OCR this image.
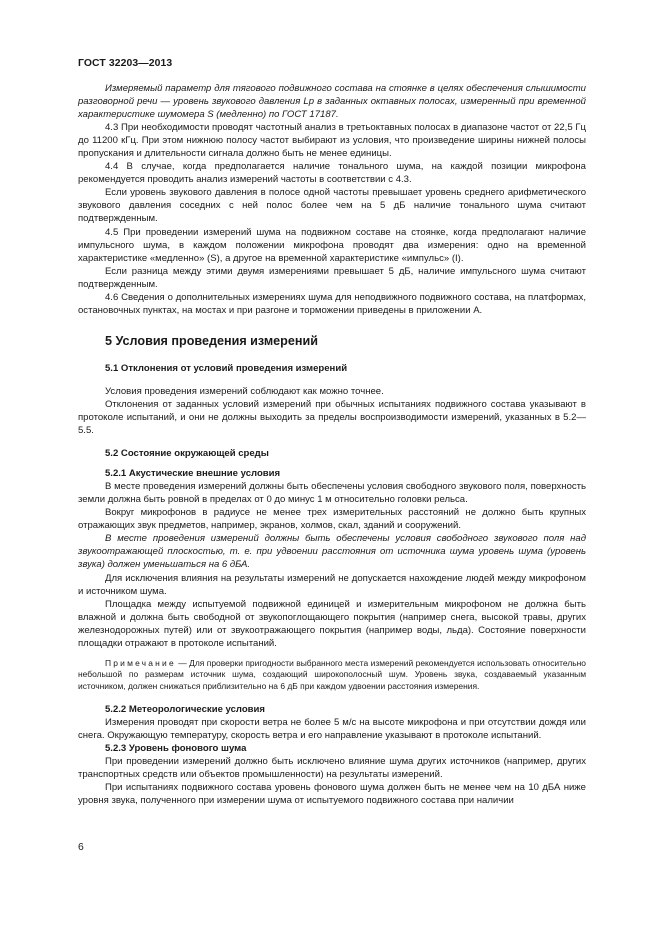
ГОСТ 32203—2013

Измеряемый параметр для тягового подвижного состава на стоянке в целях обеспечения слышимости разговорной речи — уровень звукового давления Lp в заданных октавных полосах, измеренный при временной характеристике шумомера S (медленно) по ГОСТ 17187.

4.3 При необходимости проводят частотный анализ в третьоктавных полосах в диапазоне частот от 22,5 Гц до 11200 кГц. При этом нижнюю полосу частот выбирают из условия, что произведение ширины нижней полосы пропускания и длительности сигнала должно быть не менее единицы.

4.4 В случае, когда предполагается наличие тонального шума, на каждой позиции микрофона рекомендуется проводить анализ измерений частоты в соответствии с 4.3.

Если уровень звукового давления в полосе одной частоты превышает уровень среднего арифметического звукового давления соседних с ней полос более чем на 5 дБ наличие тонального шума считают подтвержденным.

4.5 При проведении измерений шума на подвижном составе на стоянке, когда предполагают наличие импульсного шума, в каждом положении микрофона проводят два измерения: одно на временной характеристике «медленно» (S), а другое на временной характеристике «импульс» (I).

Если разница между этими двумя измерениями превышает 5 дБ, наличие импульсного шума считают подтвержденным.

4.6 Сведения о дополнительных измерениях шума для неподвижного подвижного состава, на платформах, остановочных пунктах, на мостах и при разгоне и торможении приведены в приложении А.

5 Условия проведения измерений

5.1 Отклонения от условий проведения измерений

Условия проведения измерений соблюдают как можно точнее.

Отклонения от заданных условий измерений при обычных испытаниях подвижного состава указывают в протоколе испытаний, и они не должны выходить за пределы воспроизводимости измерений, указанных в 5.2—5.5.

5.2 Состояние окружающей среды

5.2.1 Акустические внешние условия

В месте проведения измерений должны быть обеспечены условия свободного звукового поля, поверхность земли должна быть ровной в пределах от 0 до минус 1 м относительно головки рельса.

Вокруг микрофонов в радиусе не менее трех измерительных расстояний не должно быть крупных отражающих звук предметов, например, экранов, холмов, скал, зданий и сооружений.

В месте проведения измерений должны быть обеспечены условия свободного звукового поля над звукоотражающей плоскостью, т. е. при удвоении расстояния от источника шума уровень шума (уровень звука) должен уменьшаться на 6 дБА.

Для исключения влияния на результаты измерений не допускается нахождение людей между микрофоном и источником шума.

Площадка между испытуемой подвижной единицей и измерительным микрофоном не должна быть влажной и должна быть свободной от звукопоглощающего покрытия (например снега, высокой травы, других железнодорожных путей) или от звукоотражающего покрытия (например воды, льда). Состояние поверхности площадки отражают в протоколе испытаний.

Примечание — Для проверки пригодности выбранного места измерений рекомендуется использовать относительно небольшой по размерам источник шума, создающий широкополосный шум. Уровень звука, создаваемый указанным источником, должен снижаться приблизительно на 6 дБ при каждом удвоении расстояния измерения.

5.2.2 Метеорологические условия

Измерения проводят при скорости ветра не более 5 м/с на высоте микрофона и при отсутствии дождя или снега. Окружающую температуру, скорость ветра и его направление указывают в протоколе испытаний.

5.2.3 Уровень фонового шума

При проведении измерений должно быть исключено влияние шума других источников (например, других транспортных средств или объектов промышленности) на результаты измерений.

При испытаниях подвижного состава уровень фонового шума должен быть не менее чем на 10 дБА ниже уровня звука, полученного при измерении шума от испытуемого подвижного состава при наличии

6
